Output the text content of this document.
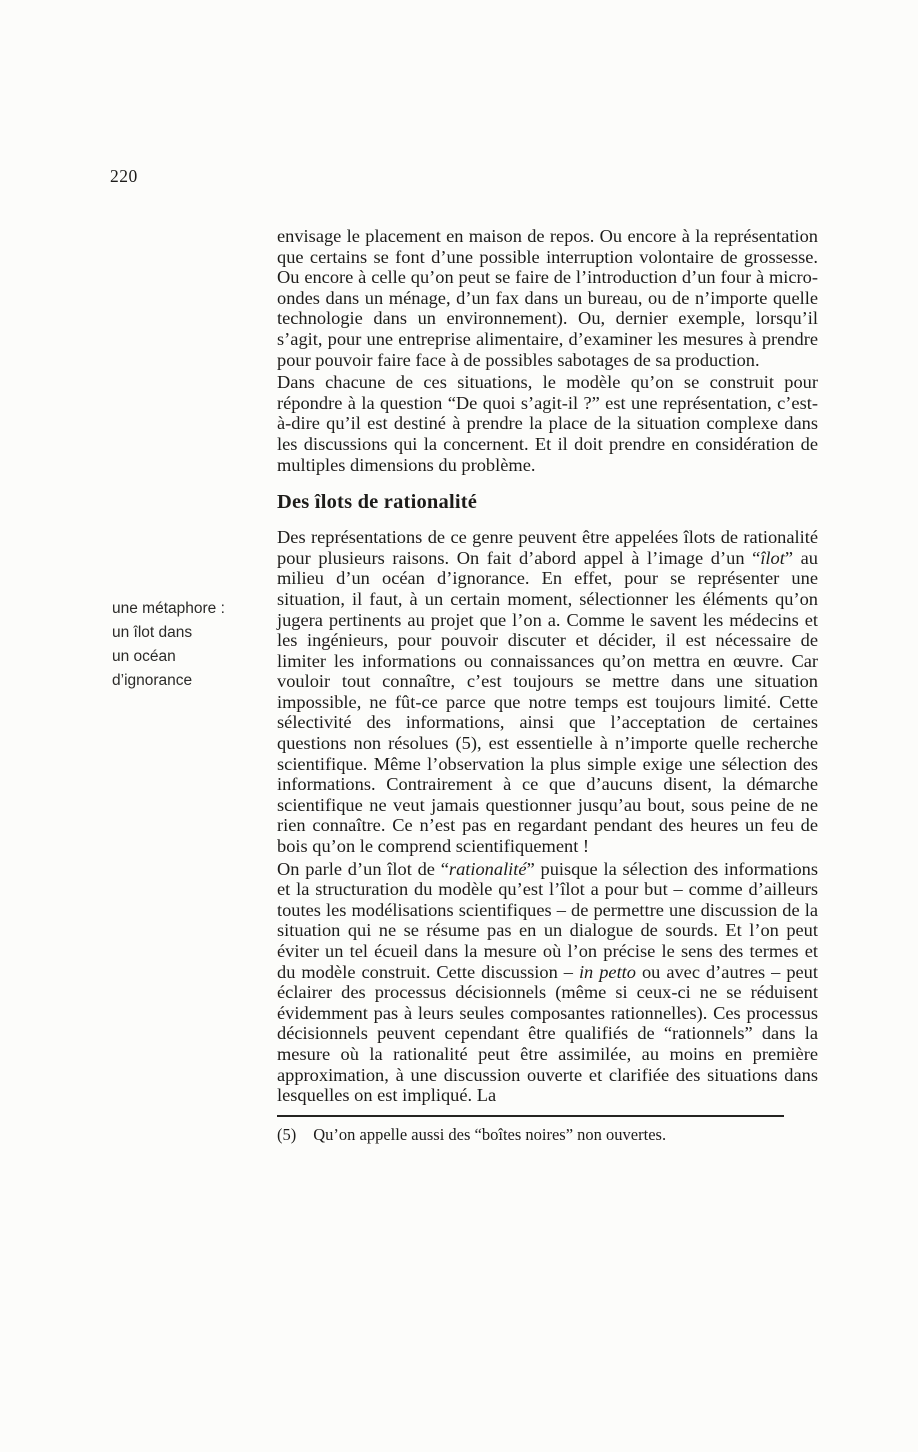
220
une métaphore :
un îlot dans
un océan
d’ignorance

envisage le placement en maison de repos. Ou encore à la représentation que certains se font d’une possible interruption volontaire de grossesse. Ou encore à celle qu’on peut se faire de l’introduction d’un four à micro-ondes dans un ménage, d’un fax dans un bureau, ou de n’importe quelle technologie dans un environnement). Ou, dernier exemple, lorsqu’il s’agit, pour une entreprise alimentaire, d’examiner les mesures à prendre pour pouvoir faire face à de possibles sabotages de sa production.

Dans chacune de ces situations, le modèle qu’on se construit pour répondre à la question “De quoi s’agit-il ?” est une représentation, c’est-à-dire qu’il est destiné à prendre la place de la situation complexe dans les discussions qui la concernent. Et il doit prendre en considération de multiples dimensions du problème.

Des îlots de rationalité

Des représentations de ce genre peuvent être appelées îlots de rationalité pour plusieurs raisons. On fait d’abord appel à l’image d’un “îlot” au milieu d’un océan d’ignorance. En effet, pour se représenter une situation, il faut, à un certain moment, sélectionner les éléments qu’on jugera pertinents au projet que l’on a. Comme le savent les médecins et les ingénieurs, pour pouvoir discuter et décider, il est nécessaire de limiter les informations ou connaissances qu’on mettra en œuvre. Car vouloir tout connaître, c’est toujours se mettre dans une situation impossible, ne fût-ce parce que notre temps est toujours limité. Cette sélectivité des informations, ainsi que l’acceptation de certaines questions non résolues (5), est essentielle à n’importe quelle recherche scientifique. Même l’observation la plus simple exige une sélection des informations. Contrairement à ce que d’aucuns disent, la démarche scientifique ne veut jamais questionner jusqu’au bout, sous peine de ne rien connaître. Ce n’est pas en regardant pendant des heures un feu de bois qu’on le comprend scientifiquement !

On parle d’un îlot de “rationalité” puisque la sélection des informations et la structuration du modèle qu’est l’îlot a pour but – comme d’ailleurs toutes les modélisations scientifiques – de permettre une discussion de la situation qui ne se résume pas en un dialogue de sourds. Et l’on peut éviter un tel écueil dans la mesure où l’on précise le sens des termes et du modèle construit. Cette discussion – in petto ou avec d’autres – peut éclairer des processus décisionnels (même si ceux-ci ne se réduisent évidemment pas à leurs seules composantes rationnelles). Ces processus décisionnels peuvent cependant être qualifiés de “rationnels” dans la mesure où la rationalité peut être assimilée, au moins en première approximation, à une discussion ouverte et clarifiée des situations dans lesquelles on est impliqué. La

(5) Qu’on appelle aussi des “boîtes noires” non ouvertes.
